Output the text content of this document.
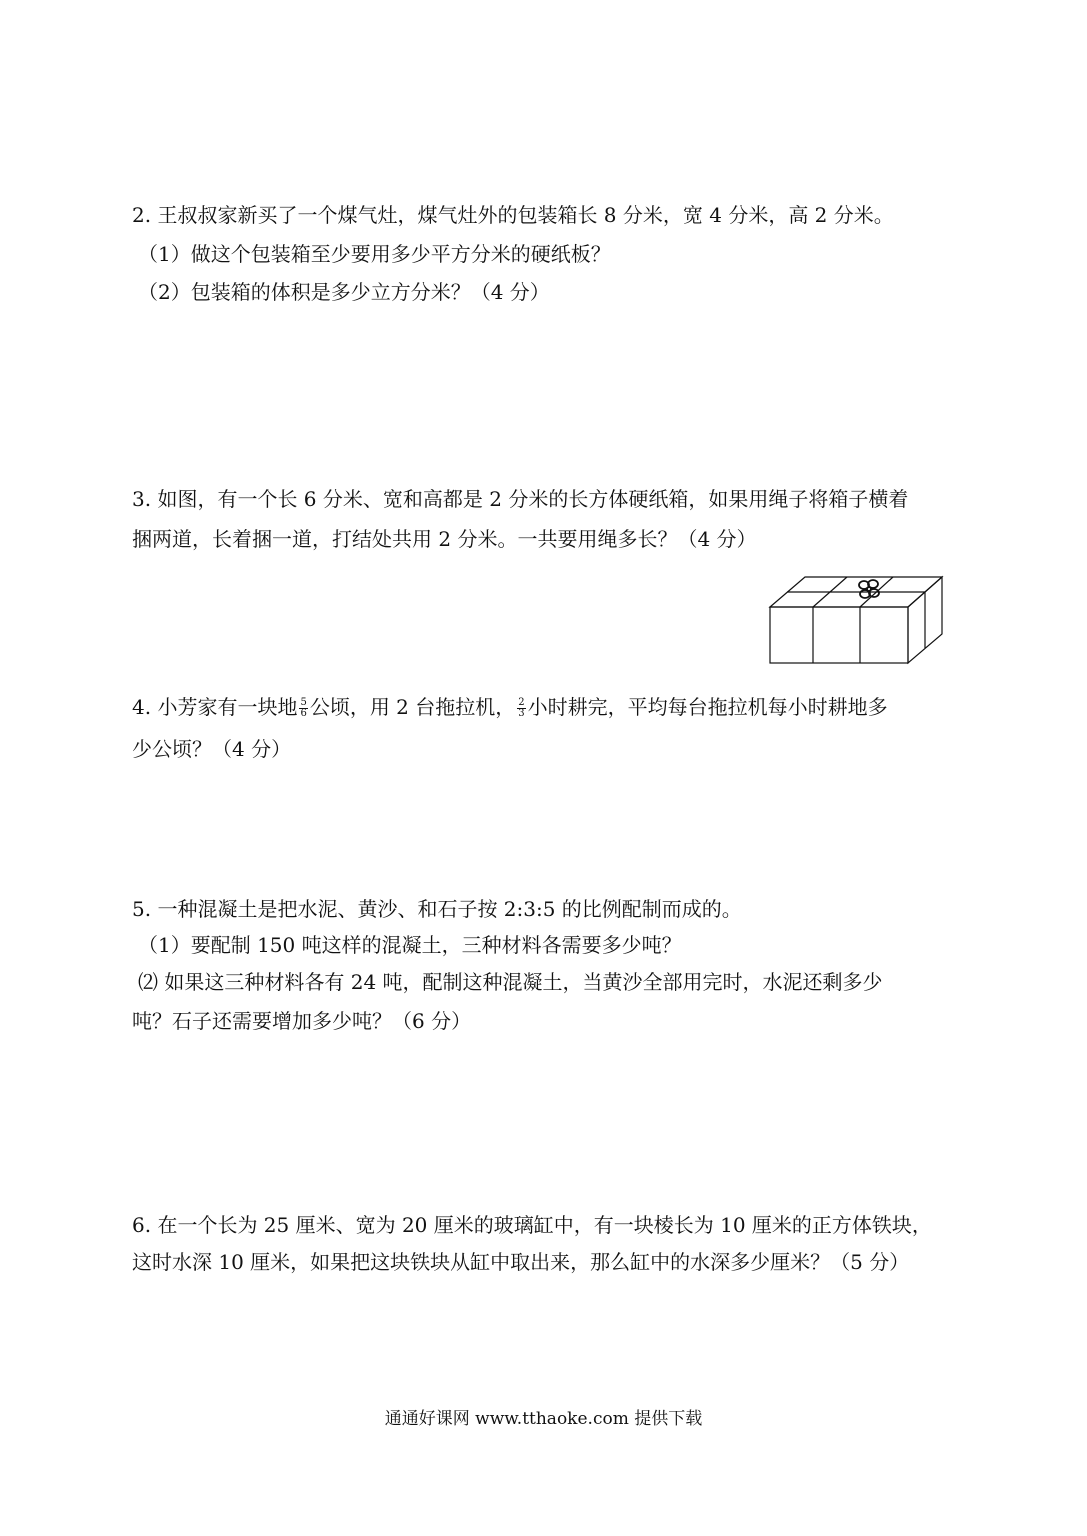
2. 王叔叔家新买了一个煤气灶，煤气灶外的包装箱长 8 分米，宽 4 分米，高 2 分米。
（1）做这个包装箱至少要用多少平方分米的硬纸板？
（2）包装箱的体积是多少立方分米？（4 分）
3. 如图，有一个长 6 分米、宽和高都是 2 分米的长方体硬纸箱，如果用绳子将箱子横着
捆两道，长着捆一道，打结处共用 2 分米。一共要用绳多长？（4 分）
4. 小芳家有一块地 $\frac{5}{6}$ 公顷，用 2 台拖拉机， $\frac{2}{3}$ 小时耕完，平均每台拖拉机每小时耕地多
少公顷？（4 分）
5. 一种混凝土是把水泥、黄沙、和石子按 2:3:5 的比例配制而成的。
（1）要配制 150 吨这样的混凝土，三种材料各需要多少吨？
⑵ 如果这三种材料各有 24 吨，配制这种混凝土，当黄沙全部用完时，水泥还剩多少
吨？石子还需要增加多少吨？（6 分）
6. 在一个长为 25 厘米、宽为 20 厘米的玻璃缸中，有一块棱长为 10 厘米的正方体铁块，
这时水深 10 厘米，如果把这块铁块从缸中取出来，那么缸中的水深多少厘米？（5 分）
通通好课网 www.tthaoke.com 提供下载
